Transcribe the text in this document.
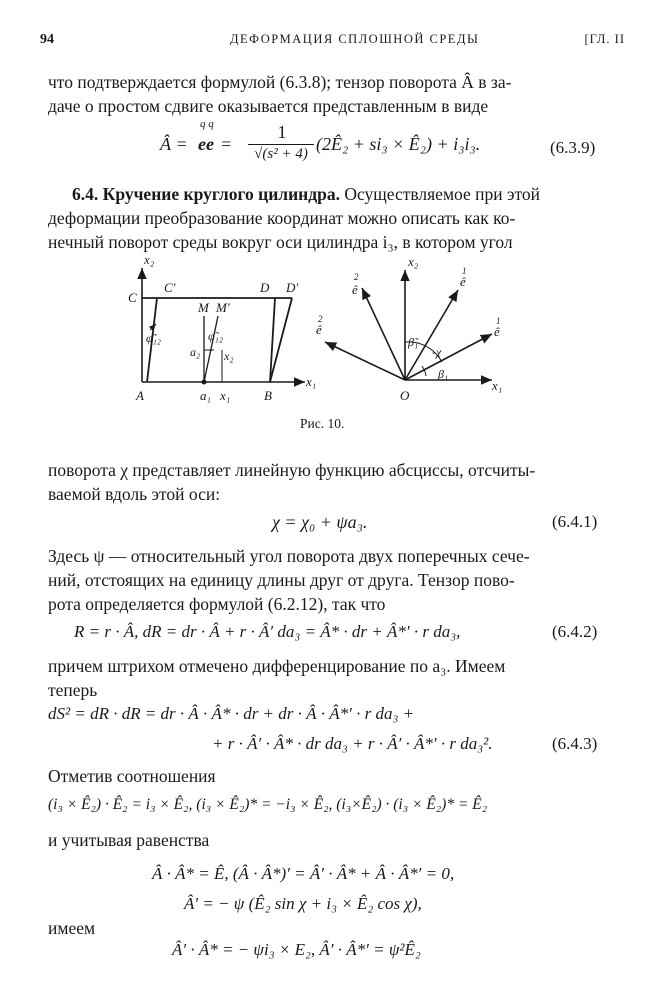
94	ДЕФОРМАЦИЯ СПЛОШНОЙ СРЕДЫ	[ГЛ. II
что подтверждается формулой (6.3.8); тензор поворота Â в за-
даче о простом сдвиге оказывается представленным в виде
Â =
q q
ee =
1
√(s² + 4) (2Ê₂ + si₃ × Ê₂) + i₃i₃.	(6.3.9)
6.4. Кручение круглого цилиндра. Осуществляемое при этой
деформации преобразование координат можно описать как ко-
нечный поворот среды вокруг оси цилиндра i₃, в котором угол
x₂
C
C′	D D′
M M′
φ̃₁₂	φ̃₁₂
a₂ x₂
A	a₁ x₁	B
x₁
x₂
ê
2	ê
1
ê
2
ê
1
β̃₁
-χ
β₁
O
x₁
Рис. 10.
поворота χ представляет линейную функцию абсциссы, отсчиты-
ваемой вдоль этой оси:
χ = χ₀ + ψa₃.	(6.4.1)
Здесь ψ — относительный угол поворота двух поперечных сече-
ний, отстоящих на единицу длины друг от друга. Тензор пово-
рота определяется формулой (6.2.12), так что
R = r · Â, dR = dr · Â + r · Â′ da₃ = Â* · dr + Â*′ · r da₃,	(6.4.2)
причем штрихом отмечено дифференцирование по a₃. Имеем
теперь
dS² = dR · dR = dr · Â · Â* · dr + dr · Â · Â*′ · r da₃ +
+ r · Â′ · Â* · dr da₃ + r · Â′ · Â*′ · r da₃².	(6.4.3)
Отметив соотношения
(i₃ × Ê₂) · Ê₂ = i₃ × Ê₂, (i₃ × Ê₂)* = −i₃ × Ê₂, (i₃×Ê₂) · (i₃ × Ê₂)* = Ê₂
и учитывая равенства
Â · Â* = Ê, (Â · Â*)′ = Â′ · Â* + Â · Â*′ = 0,
Â′ = − ψ (Ê₂ sin χ + i₃ × Ê₂ cos χ),
имеем
Â′ · Â* = − ψi₃ × E₂, Â′ · Â*′ = ψ²Ê₂
